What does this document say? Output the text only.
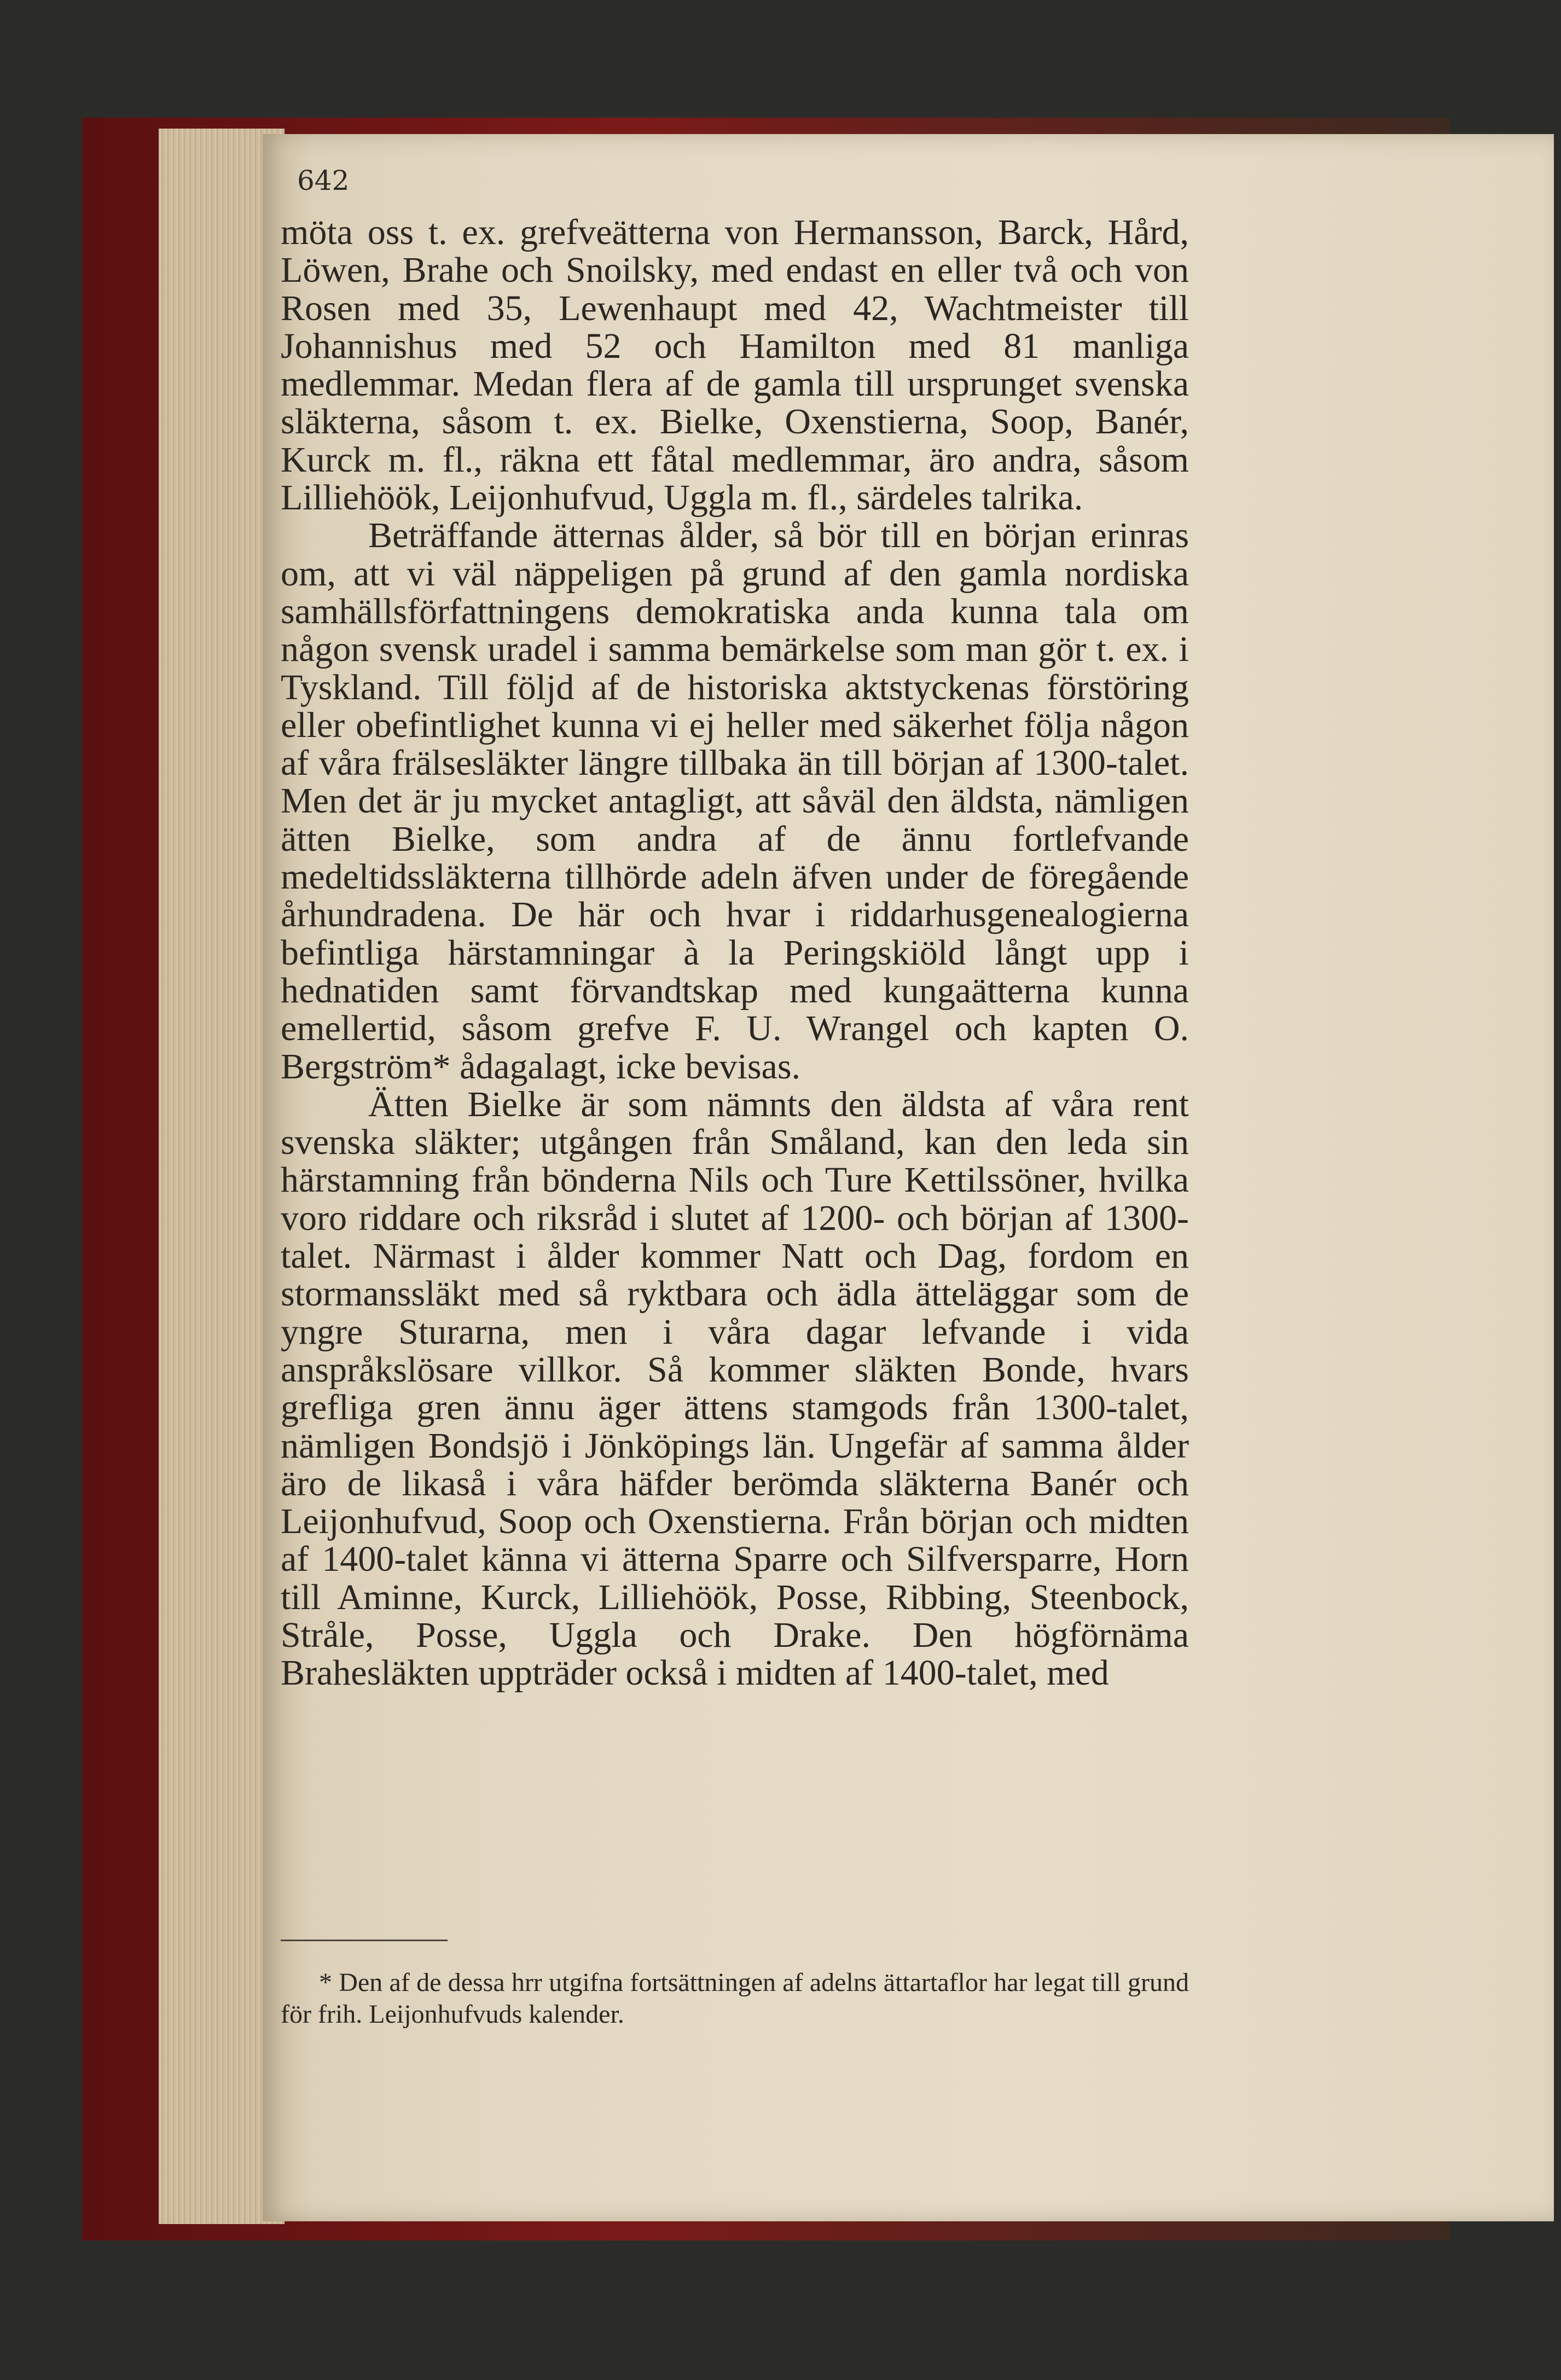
642

möta oss t. ex. grefveätterna von Hermansson, Barck, Hård, Löwen, Brahe och Snoilsky, med endast en eller två och von Rosen med 35, Lewenhaupt med 42, Wachtmeister till Johannishus med 52 och Hamilton med 81 manliga medlemmar. Medan flera af de gamla till ursprunget svenska släkterna, såsom t. ex. Bielke, Oxenstierna, Soop, Banér, Kurck m. fl., räkna ett fåtal medlemmar, äro andra, såsom Lilliehöök, Leijonhufvud, Uggla m. fl., särdeles talrika.

Beträffande ätternas ålder, så bör till en början erinras om, att vi väl näppeligen på grund af den gamla nordiska samhällsförfattningens demokratiska anda kunna tala om någon svensk uradel i samma bemärkelse som man gör t. ex. i Tyskland. Till följd af de historiska aktstyckenas förstöring eller obefintlighet kunna vi ej heller med säkerhet följa någon af våra frälsesläkter längre tillbaka än till början af 1300-talet. Men det är ju mycket antagligt, att såväl den äldsta, nämligen ätten Bielke, som andra af de ännu fortlefvande medeltidssläkterna tillhörde adeln äfven under de föregående århundradena. De här och hvar i riddarhusgenealogierna befintliga härstamningar à la Peringskiöld långt upp i hednatiden samt förvandtskap med kungaätterna kunna emellertid, såsom grefve F. U. Wrangel och kapten O. Bergström* ådagalagt, icke bevisas.

Ätten Bielke är som nämnts den äldsta af våra rent svenska släkter; utgången från Småland, kan den leda sin härstamning från bönderna Nils och Ture Kettilssöner, hvilka voro riddare och riksråd i slutet af 1200- och början af 1300-talet. Närmast i ålder kommer Natt och Dag, fordom en stormanssläkt med så ryktbara och ädla ätteläggar som de yngre Sturarna, men i våra dagar lefvande i vida anspråkslösare villkor. Så kommer släkten Bonde, hvars grefliga gren ännu äger ättens stamgods från 1300-talet, nämligen Bondsjö i Jönköpings län. Ungefär af samma ålder äro de likaså i våra häfder berömda släkterna Banér och Leijonhufvud, Soop och Oxenstierna. Från början och midten af 1400-talet känna vi ätterna Sparre och Silfversparre, Horn till Aminne, Kurck, Lilliehöök, Posse, Ribbing, Steenbock, Stråle, Posse, Uggla och Drake. Den högförnäma Brahesläkten uppträder också i midten af 1400-talet, med

* Den af de dessa hrr utgifna fortsättningen af adelns ättartaflor har legat till grund för frih. Leijonhufvuds kalender.
